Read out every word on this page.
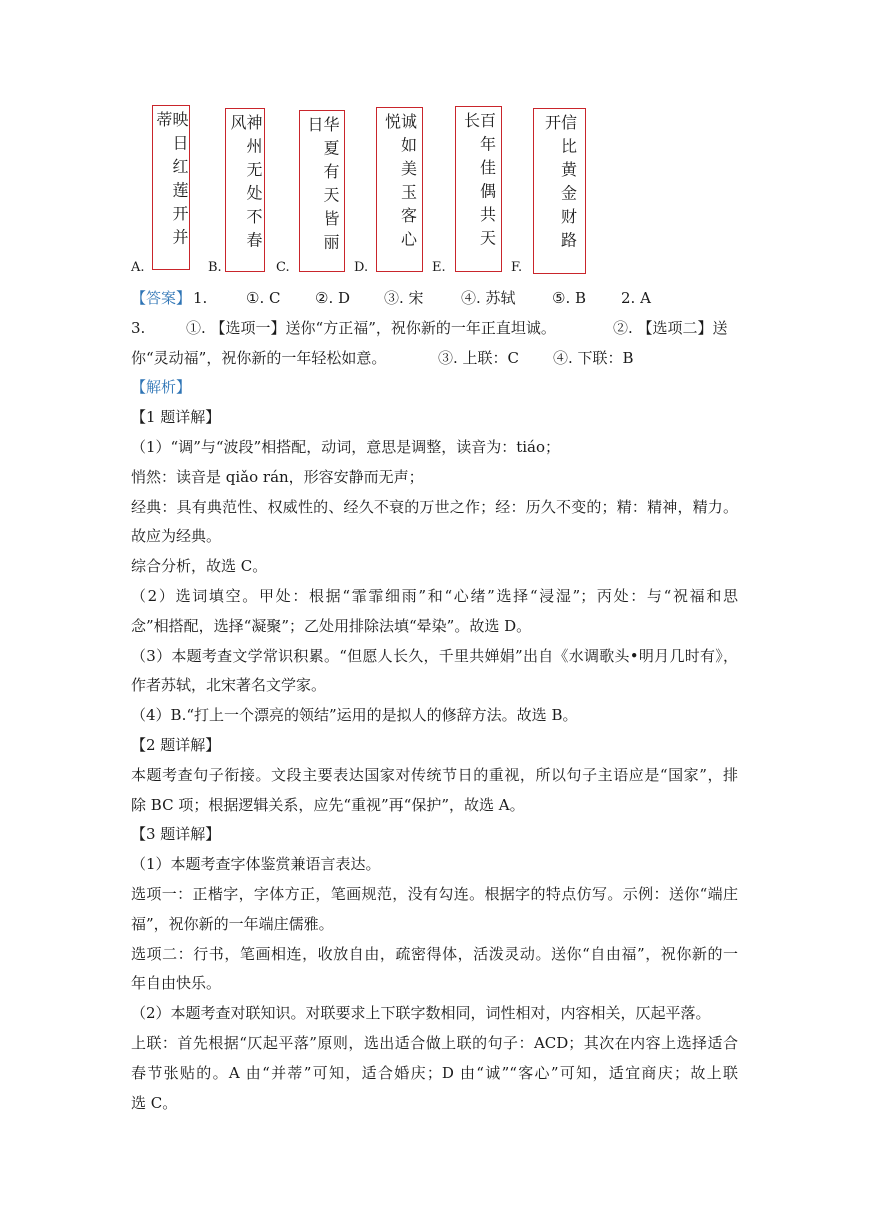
映日红莲开并蒂
A.
神州无处不春风
B.
华夏有天皆丽日
C.
诚如美玉客心悦
D.
百年佳偶共天长
E.
信比黄金财路开
F.
【答案】 1.	①. C ②. D ③. 宋 ④. 苏轼 ⑤. B 2. A
3.	①. 【选项一】送你“方正福”，祝你新的一年正直坦诚。	②. 【选项二】送
你“灵动福”，祝你新的一年轻松如意。	③. 上联：C ④. 下联：B
【解析】
【1 题详解】
（1）“调”与“波段”相搭配，动词，意思是调整，读音为：tiáo；
悄然：读音是 qiǎo rán，形容安静而无声；
经典：具有典范性、权威性的、经久不衰的万世之作；经：历久不变的；精：精神，精力。
故应为经典。
综合分析，故选 C。
（2）选词填空。甲处：根据“霏霏细雨”和“心绪”选择“浸湿”；丙处：与“祝福和思
念”相搭配，选择“凝聚”；乙处用排除法填“晕染”。故选 D。
（3）本题考查文学常识积累。“但愿人长久，千里共婵娟”出自《水调歌头•明月几时有》，
作者苏轼，北宋著名文学家。
（4）B.“打上一个漂亮的领结”运用的是拟人的修辞方法。故选 B。
【2 题详解】
本题考查句子衔接。文段主要表达国家对传统节日的重视，所以句子主语应是“国家”，排
除 BC 项；根据逻辑关系，应先“重视”再“保护”，故选 A。
【3 题详解】
（1）本题考查字体鉴赏兼语言表达。
选项一：正楷字，字体方正，笔画规范，没有勾连。根据字的特点仿写。示例：送你“端庄
福”，祝你新的一年端庄儒雅。
选项二：行书，笔画相连，收放自由，疏密得体，活泼灵动。送你“自由福”，祝你新的一
年自由快乐。
（2）本题考查对联知识。对联要求上下联字数相同，词性相对，内容相关，仄起平落。
上联：首先根据“仄起平落”原则，选出适合做上联的句子：ACD；其次在内容上选择适合
春节张贴的。A 由“并蒂”可知，适合婚庆；D 由“诚”“客心”可知，适宜商庆；故上联
选 C。
